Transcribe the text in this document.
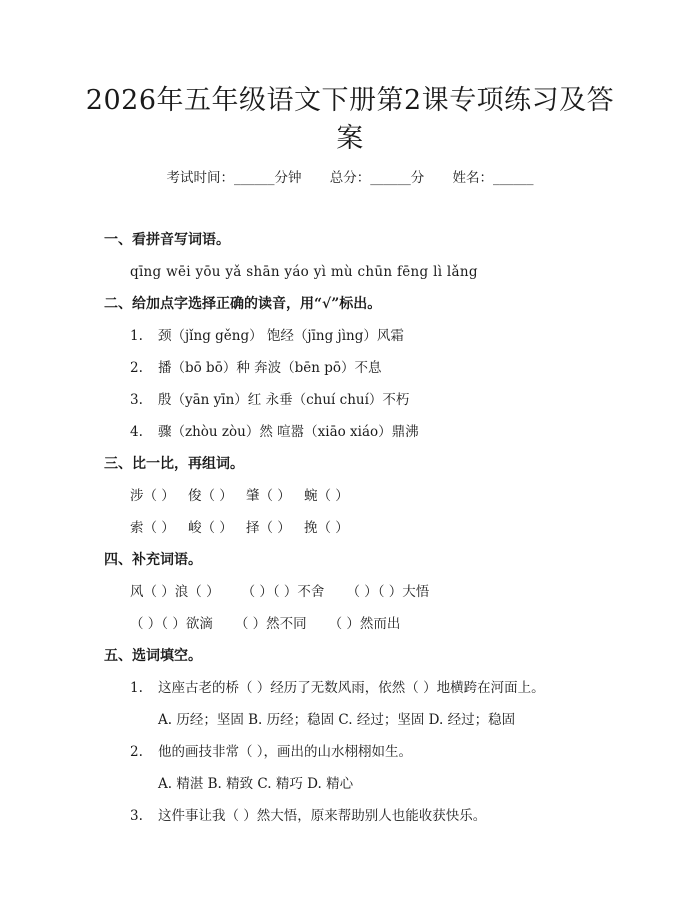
2026年五年级语文下册第2课专项练习及答案
考试时间：______分钟 总分：______分 姓名：______
一、看拼音写词语。
qīng wēi yōu yǎ shān yáo yì mù chūn fēng lì lǎng
二、给加点字选择正确的读音，用“√”标出。
1.	颈（jǐng gěng） 饱经（jīng jìng）风霜
2.	播（bō bō）种 奔波（bēn pō）不息
3.	殷（yān yīn）红 永垂（chuí chuí）不朽
4.	骤（zhòu zòu）然 喧嚣（xiāo xiáo）鼎沸
三、比一比，再组词。
涉（ ） 俊（ ） 肇（ ） 蜿（ ）
索（ ） 峻（ ） 择（ ） 挽（ ）
四、补充词语。
风（ ）浪（ ） （ ）（ ）不舍 （ ）（ ）大悟
（ ）（ ）欲滴 （ ）然不同 （ ）然而出
五、选词填空。
1.	这座古老的桥（ ）经历了无数风雨，依然（ ）地横跨在河面上。
A. 历经；坚固 B. 历经；稳固 C. 经过；坚固 D. 经过；稳固
2.	他的画技非常（ ），画出的山水栩栩如生。
A. 精湛 B. 精致 C. 精巧 D. 精心
3.	这件事让我（ ）然大悟，原来帮助别人也能收获快乐。
